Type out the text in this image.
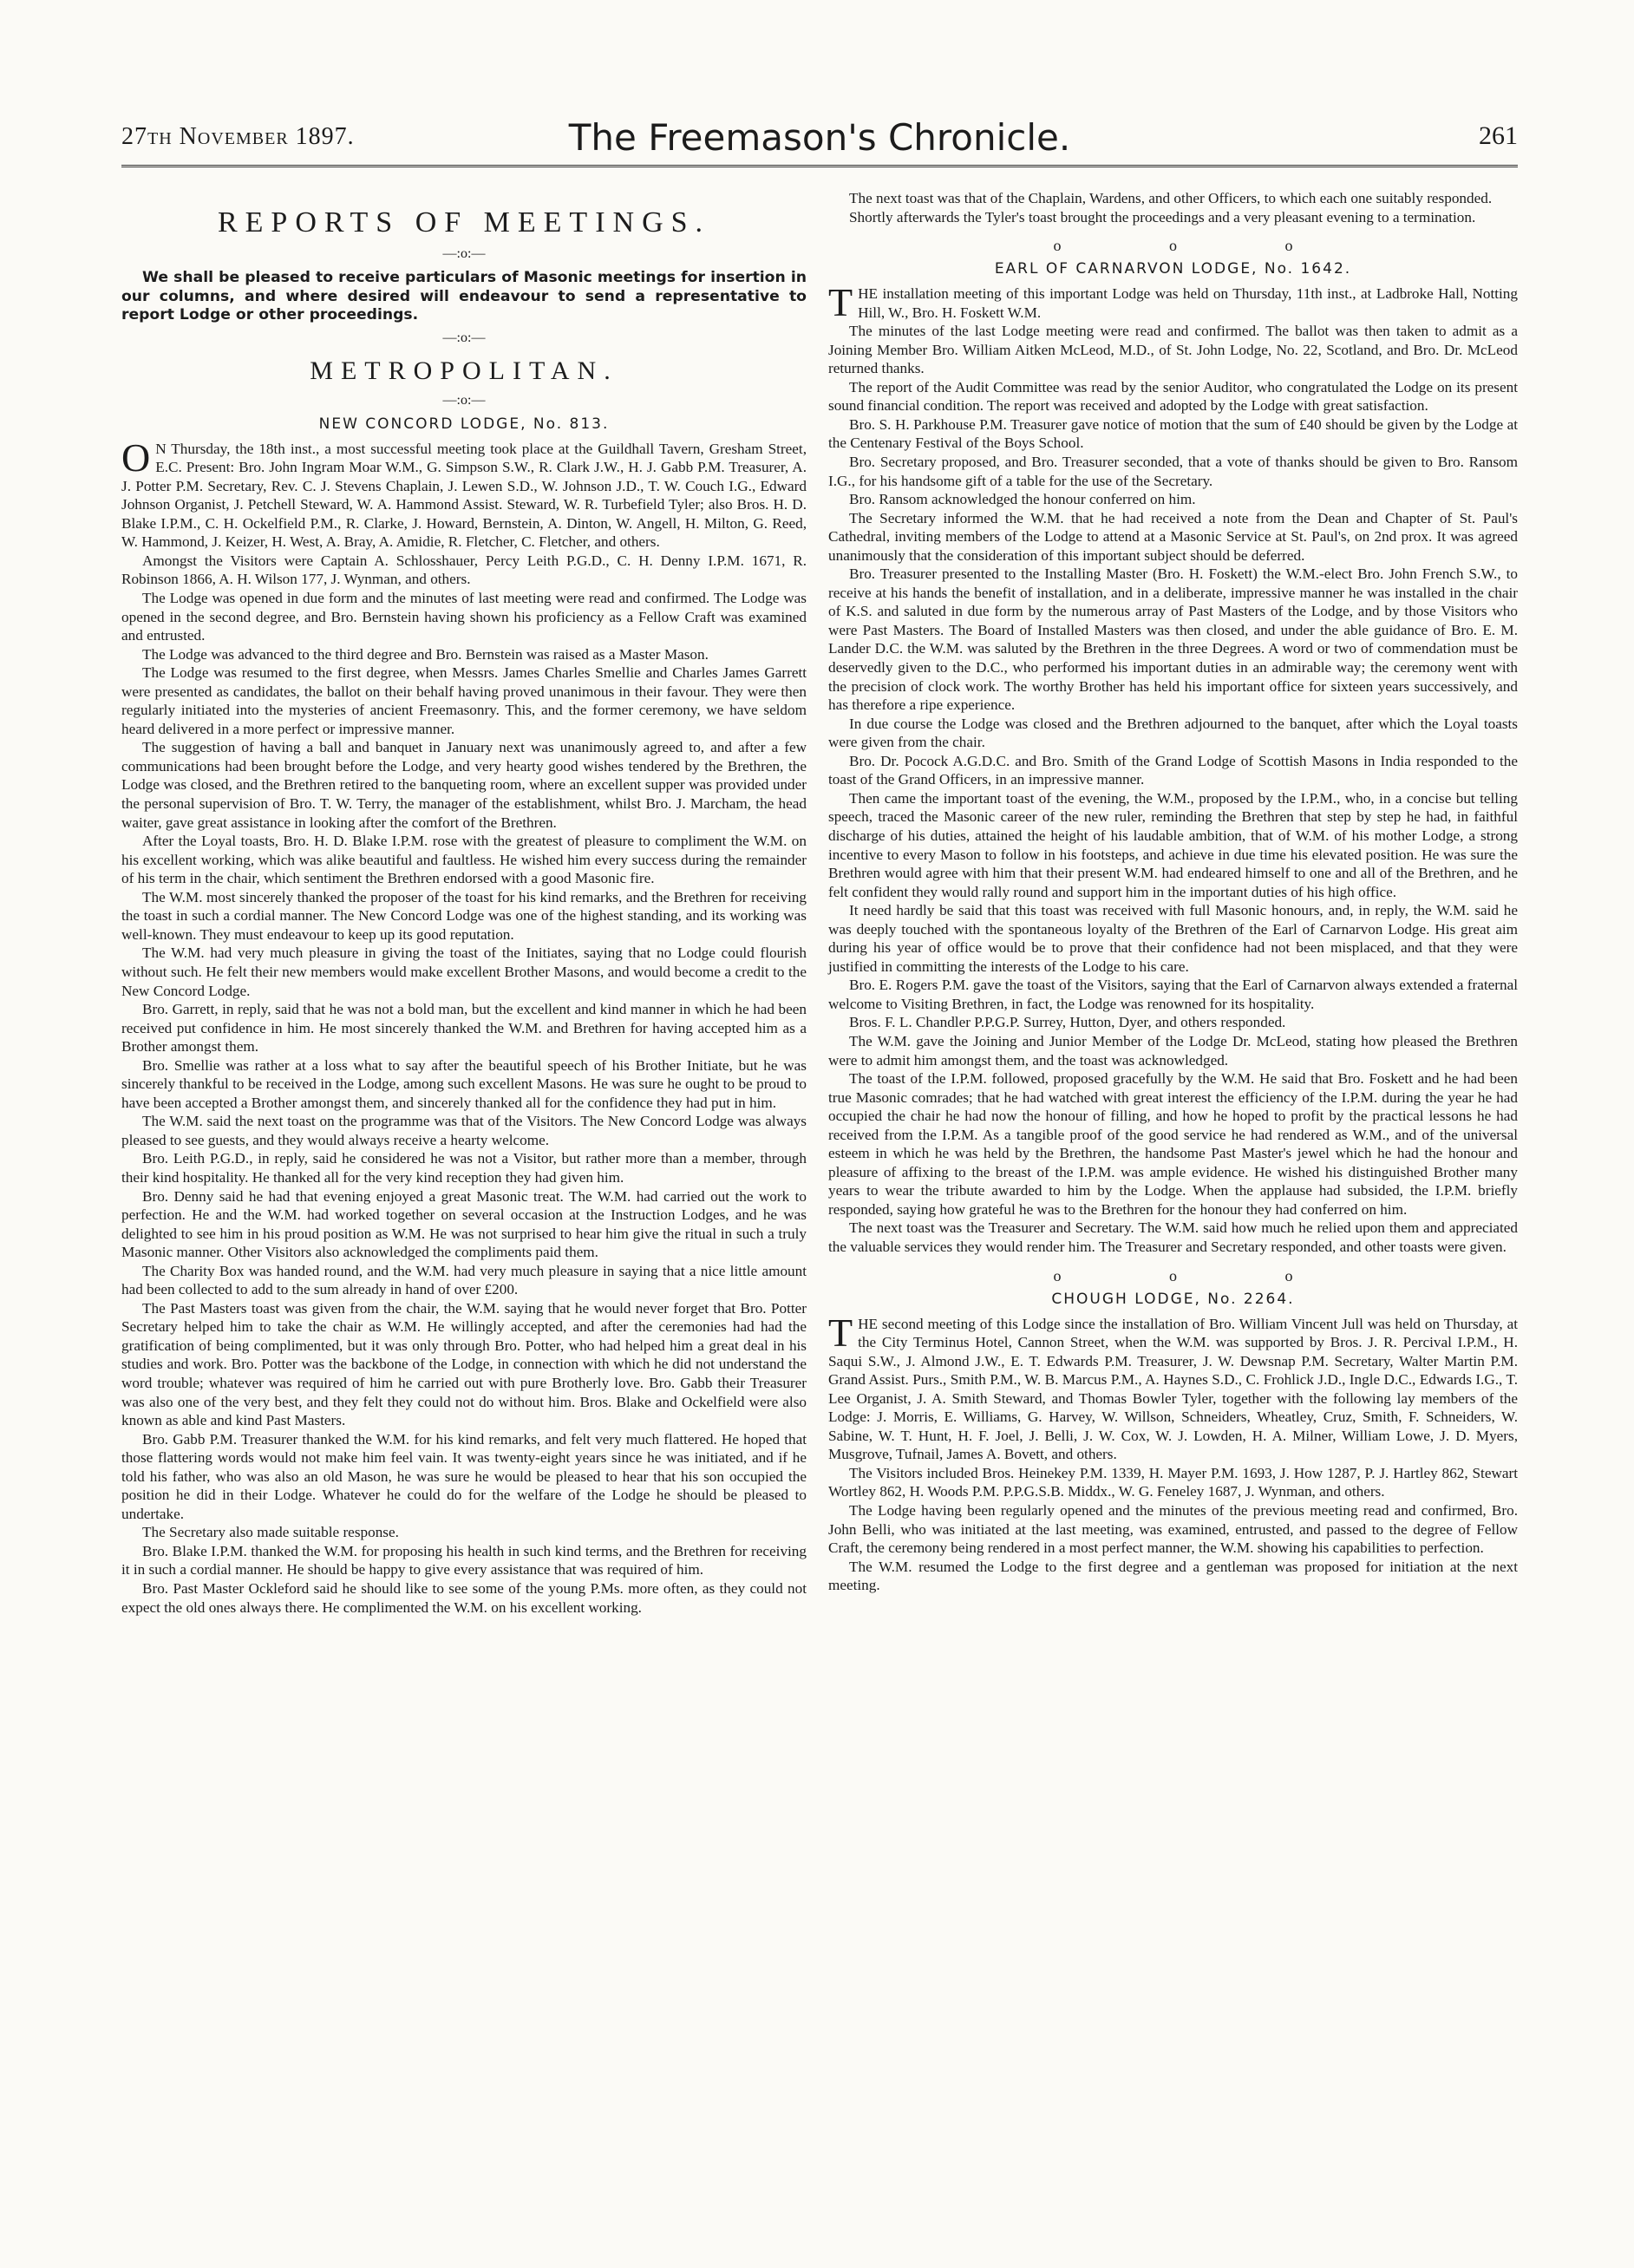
27th November 1897.	The Freemason's Chronicle.	261
REPORTS OF MEETINGS.
—:o:—

We shall be pleased to receive particulars of Masonic meetings for insertion in our columns, and where desired will endeavour to send a representative to report Lodge or other proceedings.

—:o:—
METROPOLITAN.
—:o:—
NEW CONCORD LODGE, No. 813.

O N Thursday, the 18th inst., a most successful meeting took place at the Guildhall Tavern, Gresham Street, E.C. Present: Bro. John Ingram Moar W.M., G. Simpson S.W., R. Clark J.W., H. J. Gabb P.M. Treasurer, A. J. Potter P.M. Secretary, Rev. C. J. Stevens Chaplain, J. Lewen S.D., W. Johnson J.D., T. W. Couch I.G., Edward Johnson Organist, J. Petchell Steward, W. A. Hammond Assist. Steward, W. R. Turbefield Tyler; also Bros. H. D. Blake I.P.M., C. H. Ockelfield P.M., R. Clarke, J. Howard, Bernstein, A. Dinton, W. Angell, H. Milton, G. Reed, W. Hammond, J. Keizer, H. West, A. Bray, A. Amidie, R. Fletcher, C. Fletcher, and others.

Amongst the Visitors were Captain A. Schlosshauer, Percy Leith P.G.D., C. H. Denny I.P.M. 1671, R. Robinson 1866, A. H. Wilson 177, J. Wynman, and others.

The Lodge was opened in due form and the minutes of last meeting were read and confirmed. The Lodge was opened in the second degree, and Bro. Bernstein having shown his proficiency as a Fellow Craft was examined and entrusted.

The Lodge was advanced to the third degree and Bro. Bernstein was raised as a Master Mason.

The Lodge was resumed to the first degree, when Messrs. James Charles Smellie and Charles James Garrett were presented as candidates, the ballot on their behalf having proved unanimous in their favour. They were then regularly initiated into the mysteries of ancient Freemasonry. This, and the former ceremony, we have seldom heard delivered in a more perfect or impressive manner.

The suggestion of having a ball and banquet in January next was unanimously agreed to, and after a few communications had been brought before the Lodge, and very hearty good wishes tendered by the Brethren, the Lodge was closed, and the Brethren retired to the banqueting room, where an excellent supper was provided under the personal supervision of Bro. T. W. Terry, the manager of the establishment, whilst Bro. J. Marcham, the head waiter, gave great assistance in looking after the comfort of the Brethren.

After the Loyal toasts, Bro. H. D. Blake I.P.M. rose with the greatest of pleasure to compliment the W.M. on his excellent working, which was alike beautiful and faultless. He wished him every success during the remainder of his term in the chair, which sentiment the Brethren endorsed with a good Masonic fire.

The W.M. most sincerely thanked the proposer of the toast for his kind remarks, and the Brethren for receiving the toast in such a cordial manner. The New Concord Lodge was one of the highest standing, and its working was well-known. They must endeavour to keep up its good reputation.

The W.M. had very much pleasure in giving the toast of the Initiates, saying that no Lodge could flourish without such. He felt their new members would make excellent Brother Masons, and would become a credit to the New Concord Lodge.

Bro. Garrett, in reply, said that he was not a bold man, but the excellent and kind manner in which he had been received put confidence in him. He most sincerely thanked the W.M. and Brethren for having accepted him as a Brother amongst them.

Bro. Smellie was rather at a loss what to say after the beautiful speech of his Brother Initiate, but he was sincerely thankful to be received in the Lodge, among such excellent Masons. He was sure he ought to be proud to have been accepted a Brother amongst them, and sincerely thanked all for the confidence they had put in him.

The W.M. said the next toast on the programme was that of the Visitors. The New Concord Lodge was always pleased to see guests, and they would always receive a hearty welcome.

Bro. Leith P.G.D., in reply, said he considered he was not a Visitor, but rather more than a member, through their kind hospitality. He thanked all for the very kind reception they had given him.

Bro. Denny said he had that evening enjoyed a great Masonic treat. The W.M. had carried out the work to perfection. He and the W.M. had worked together on several occasion at the Instruction Lodges, and he was delighted to see him in his proud position as W.M. He was not surprised to hear him give the ritual in such a truly Masonic manner. Other Visitors also acknowledged the compliments paid them.

The Charity Box was handed round, and the W.M. had very much pleasure in saying that a nice little amount had been collected to add to the sum already in hand of over £200.

The Past Masters toast was given from the chair, the W.M. saying that he would never forget that Bro. Potter Secretary helped him to take the chair as W.M. He willingly accepted, and after the ceremonies had had the gratification of being complimented, but it was only through Bro. Potter, who had helped him a great deal in his studies and work. Bro. Potter was the backbone of the Lodge, in connection with which he did not understand the word trouble; whatever was required of him he carried out with pure Brotherly love. Bro. Gabb their Treasurer was also one of the very best, and they felt they could not do without him. Bros. Blake and Ockelfield were also known as able and kind Past Masters.

Bro. Gabb P.M. Treasurer thanked the W.M. for his kind remarks, and felt very much flattered. He hoped that those flattering words would not make him feel vain. It was twenty-eight years since he was initiated, and if he told his father, who was also an old Mason, he was sure he would be pleased to hear that his son occupied the position he did in their Lodge. Whatever he could do for the welfare of the Lodge he should be pleased to undertake.

The Secretary also made suitable response.

Bro. Blake I.P.M. thanked the W.M. for proposing his health in such kind terms, and the Brethren for receiving it in such a cordial manner. He should be happy to give every assistance that was required of him.

Bro. Past Master Ockleford said he should like to see some of the young P.Ms. more often, as they could not expect the old ones always there. He complimented the W.M. on his excellent working.

The next toast was that of the Chaplain, Wardens, and other Officers, to which each one suitably responded.

Shortly afterwards the Tyler's toast brought the proceedings and a very pleasant evening to a termination.

o o o
EARL OF CARNARVON LODGE, No. 1642.

THE installation meeting of this important Lodge was held on Thursday, 11th inst., at Ladbroke Hall, Notting Hill, W., Bro. H. Foskett W.M.

The minutes of the last Lodge meeting were read and confirmed. The ballot was then taken to admit as a Joining Member Bro. William Aitken McLeod, M.D., of St. John Lodge, No. 22, Scotland, and Bro. Dr. McLeod returned thanks.

The report of the Audit Committee was read by the senior Auditor, who congratulated the Lodge on its present sound financial condition. The report was received and adopted by the Lodge with great satisfaction.

Bro. S. H. Parkhouse P.M. Treasurer gave notice of motion that the sum of £40 should be given by the Lodge at the Centenary Festival of the Boys School.

Bro. Secretary proposed, and Bro. Treasurer seconded, that a vote of thanks should be given to Bro. Ransom I.G., for his handsome gift of a table for the use of the Secretary.

Bro. Ransom acknowledged the honour conferred on him.

The Secretary informed the W.M. that he had received a note from the Dean and Chapter of St. Paul's Cathedral, inviting members of the Lodge to attend at a Masonic Service at St. Paul's, on 2nd prox. It was agreed unanimously that the consideration of this important subject should be deferred.

Bro. Treasurer presented to the Installing Master (Bro. H. Foskett) the W.M.-elect Bro. John French S.W., to receive at his hands the benefit of installation, and in a deliberate, impressive manner he was installed in the chair of K.S. and saluted in due form by the numerous array of Past Masters of the Lodge, and by those Visitors who were Past Masters. The Board of Installed Masters was then closed, and under the able guidance of Bro. E. M. Lander D.C. the W.M. was saluted by the Brethren in the three Degrees. A word or two of commendation must be deservedly given to the D.C., who performed his important duties in an admirable way; the ceremony went with the precision of clock work. The worthy Brother has held his important office for sixteen years successively, and has therefore a ripe experience.

In due course the Lodge was closed and the Brethren adjourned to the banquet, after which the Loyal toasts were given from the chair.

Bro. Dr. Pocock A.G.D.C. and Bro. Smith of the Grand Lodge of Scottish Masons in India responded to the toast of the Grand Officers, in an impressive manner.

Then came the important toast of the evening, the W.M., proposed by the I.P.M., who, in a concise but telling speech, traced the Masonic career of the new ruler, reminding the Brethren that step by step he had, in faithful discharge of his duties, attained the height of his laudable ambition, that of W.M. of his mother Lodge, a strong incentive to every Mason to follow in his footsteps, and achieve in due time his elevated position. He was sure the Brethren would agree with him that their present W.M. had endeared himself to one and all of the Brethren, and he felt confident they would rally round and support him in the important duties of his high office.

It need hardly be said that this toast was received with full Masonic honours, and, in reply, the W.M. said he was deeply touched with the spontaneous loyalty of the Brethren of the Earl of Carnarvon Lodge. His great aim during his year of office would be to prove that their confidence had not been misplaced, and that they were justified in committing the interests of the Lodge to his care.

Bro. E. Rogers P.M. gave the toast of the Visitors, saying that the Earl of Carnarvon always extended a fraternal welcome to Visiting Brethren, in fact, the Lodge was renowned for its hospitality.

Bros. F. L. Chandler P.P.G.P. Surrey, Hutton, Dyer, and others responded.

The W.M. gave the Joining and Junior Member of the Lodge Dr. McLeod, stating how pleased the Brethren were to admit him amongst them, and the toast was acknowledged.

The toast of the I.P.M. followed, proposed gracefully by the W.M. He said that Bro. Foskett and he had been true Masonic comrades; that he had watched with great interest the efficiency of the I.P.M. during the year he had occupied the chair he had now the honour of filling, and how he hoped to profit by the practical lessons he had received from the I.P.M. As a tangible proof of the good service he had rendered as W.M., and of the universal esteem in which he was held by the Brethren, the handsome Past Master's jewel which he had the honour and pleasure of affixing to the breast of the I.P.M. was ample evidence. He wished his distinguished Brother many years to wear the tribute awarded to him by the Lodge. When the applause had subsided, the I.P.M. briefly responded, saying how grateful he was to the Brethren for the honour they had conferred on him.

The next toast was the Treasurer and Secretary. The W.M. said how much he relied upon them and appreciated the valuable services they would render him. The Treasurer and Secretary responded, and other toasts were given.

o o o
CHOUGH LODGE, No. 2264.

THE second meeting of this Lodge since the installation of Bro. William Vincent Jull was held on Thursday, at the City Terminus Hotel, Cannon Street, when the W.M. was supported by Bros. J. R. Percival I.P.M., H. Saqui S.W., J. Almond J.W., E. T. Edwards P.M. Treasurer, J. W. Dewsnap P.M. Secretary, Walter Martin P.M. Grand Assist. Purs., Smith P.M., W. B. Marcus P.M., A. Haynes S.D., C. Frohlick J.D., Ingle D.C., Edwards I.G., T. Lee Organist, J. A. Smith Steward, and Thomas Bowler Tyler, together with the following lay members of the Lodge: J. Morris, E. Williams, G. Harvey, W. Willson, Schneiders, Wheatley, Cruz, Smith, F. Schneiders, W. Sabine, W. T. Hunt, H. F. Joel, J. Belli, J. W. Cox, W. J. Lowden, H. A. Milner, William Lowe, J. D. Myers, Musgrove, Tufnail, James A. Bovett, and others.

The Visitors included Bros. Heinekey P.M. 1339, H. Mayer P.M. 1693, J. How 1287, P. J. Hartley 862, Stewart Wortley 862, H. Woods P.M. P.P.G.S.B. Middx., W. G. Feneley 1687, J. Wynman, and others.

The Lodge having been regularly opened and the minutes of the previous meeting read and confirmed, Bro. John Belli, who was initiated at the last meeting, was examined, entrusted, and passed to the degree of Fellow Craft, the ceremony being rendered in a most perfect manner, the W.M. showing his capabilities to perfection.

The W.M. resumed the Lodge to the first degree and a gentleman was proposed for initiation at the next meeting.
